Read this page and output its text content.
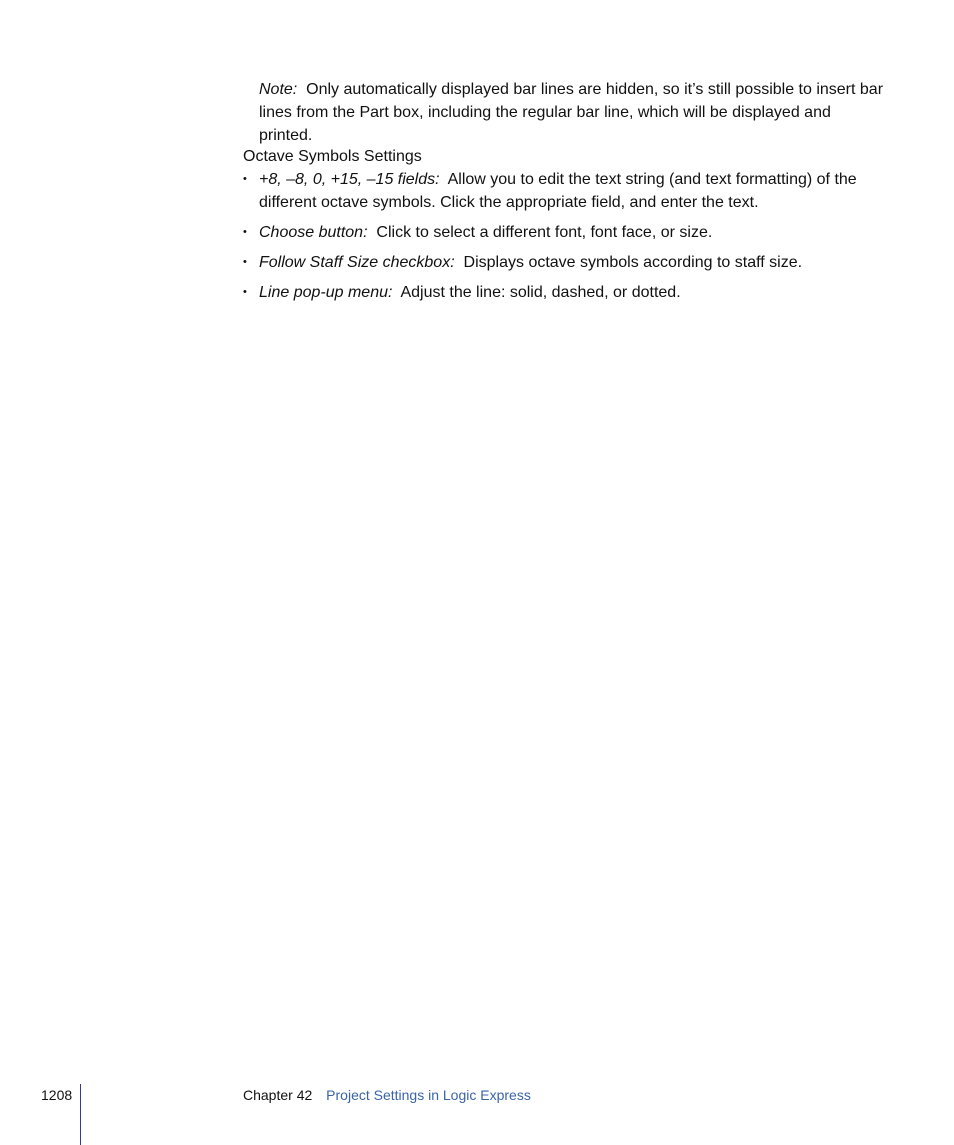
Note: Only automatically displayed bar lines are hidden, so it’s still possible to insert bar lines from the Part box, including the regular bar line, which will be displayed and printed.

Octave Symbols Settings
• +8, –8, 0, +15, –15 fields: Allow you to edit the text string (and text formatting) of the different octave symbols. Click the appropriate field, and enter the text.
• Choose button: Click to select a different font, font face, or size.
• Follow Staff Size checkbox: Displays octave symbols according to staff size.
• Line pop-up menu: Adjust the line: solid, dashed, or dotted.
1208	Chapter 42 Project Settings in Logic Express
